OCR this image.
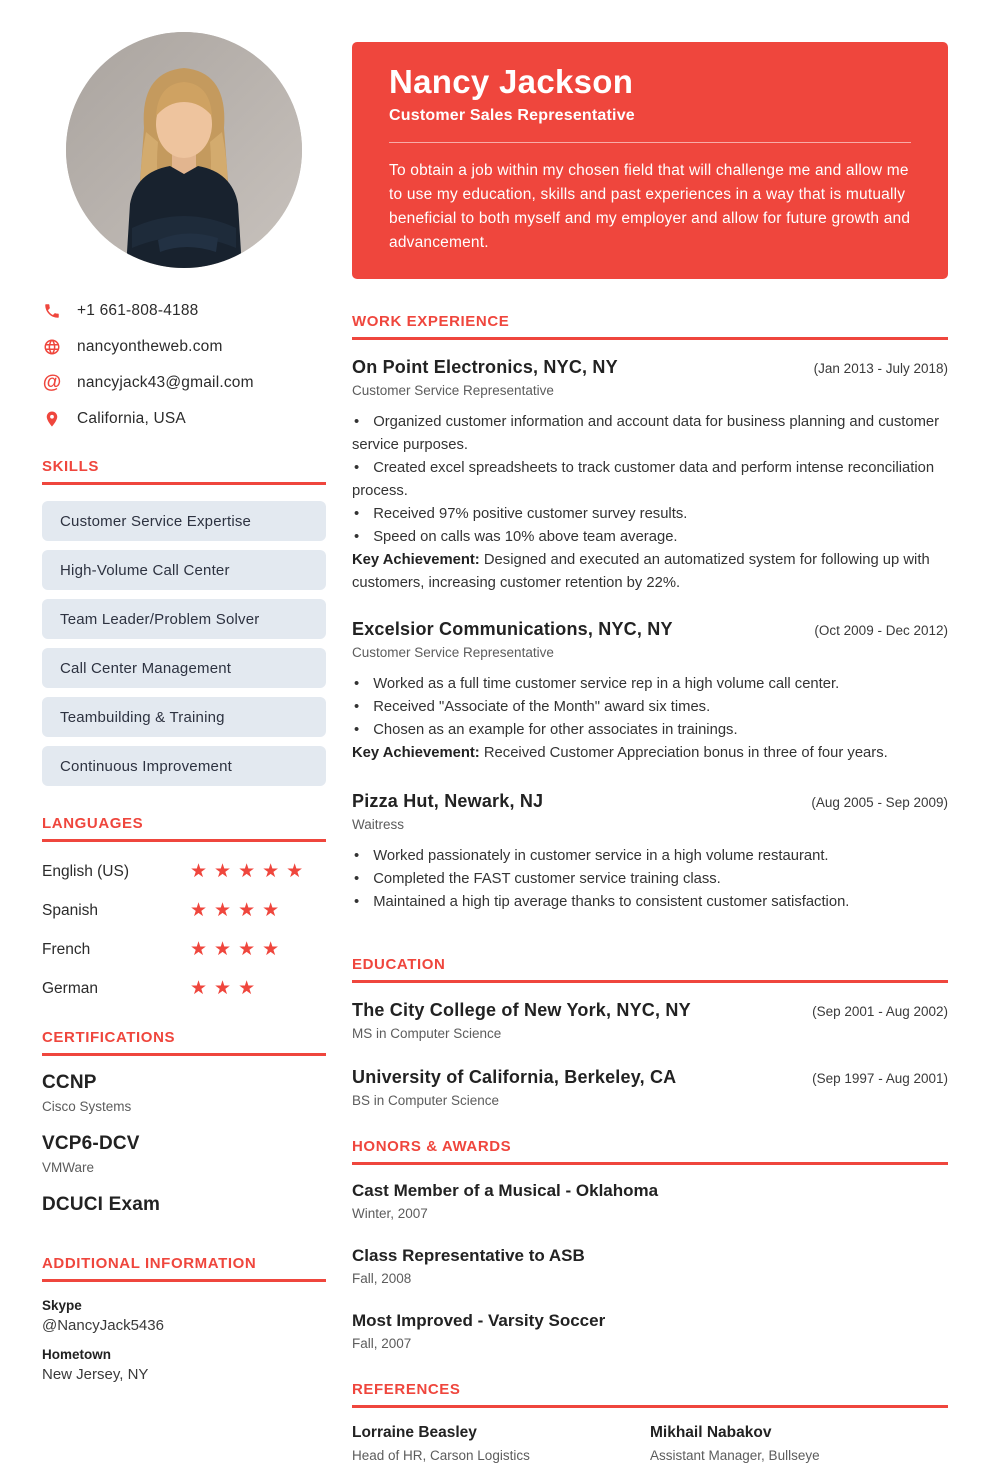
+1 661-808-4188
nancyontheweb.com
@ nancyjack43@gmail.com
California, USA
SKILLS
Customer Service Expertise
High-Volume Call Center
Team Leader/Problem Solver
Call Center Management
Teambuilding & Training
Continuous Improvement
LANGUAGES
English (US)	★★★★★
Spanish	★★★★
French	★★★★
German	★★★
CERTIFICATIONS
CCNP
Cisco Systems
VCP6-DCV
VMWare
DCUCI Exam
ADDITIONAL INFORMATION
Skype
@NancyJack5436
Hometown
New Jersey, NY
Nancy Jackson
Customer Sales Representative

To obtain a job within my chosen field that will challenge me and allow me to use my education, skills and past experiences in a way that is mutually beneficial to both myself and my employer and allow for future growth and advancement.

WORK EXPERIENCE
On Point Electronics, NYC, NY	(Jan 2013 - July 2018)
Customer Service Representative

• Organized customer information and account data for business planning and customer service purposes.

• Created excel spreadsheets to track customer data and perform intense reconciliation process.

• Received 97% positive customer survey results.

• Speed on calls was 10% above team average.

Key Achievement: Designed and executed an automatized system for following up with customers, increasing customer retention by 22%.

Excelsior Communications, NYC, NY	(Oct 2009 - Dec 2012)
Customer Service Representative

• Worked as a full time customer service rep in a high volume call center.

• Received "Associate of the Month" award six times.

• Chosen as an example for other associates in trainings.

Key Achievement: Received Customer Appreciation bonus in three of four years.

Pizza Hut, Newark, NJ	(Aug 2005 - Sep 2009)
Waitress

• Worked passionately in customer service in a high volume restaurant.

• Completed the FAST customer service training class.

• Maintained a high tip average thanks to consistent customer satisfaction.

EDUCATION
The City College of New York, NYC, NY	(Sep 2001 - Aug 2002)
MS in Computer Science
University of California, Berkeley, CA	(Sep 1997 - Aug 2001)
BS in Computer Science
HONORS & AWARDS
Cast Member of a Musical - Oklahoma
Winter, 2007
Class Representative to ASB
Fall, 2008
Most Improved - Varsity Soccer
Fall, 2007
REFERENCES
Lorraine Beasley
Head of HR, Carson Logistics
Mikhail Nabakov
Assistant Manager, Bullseye
